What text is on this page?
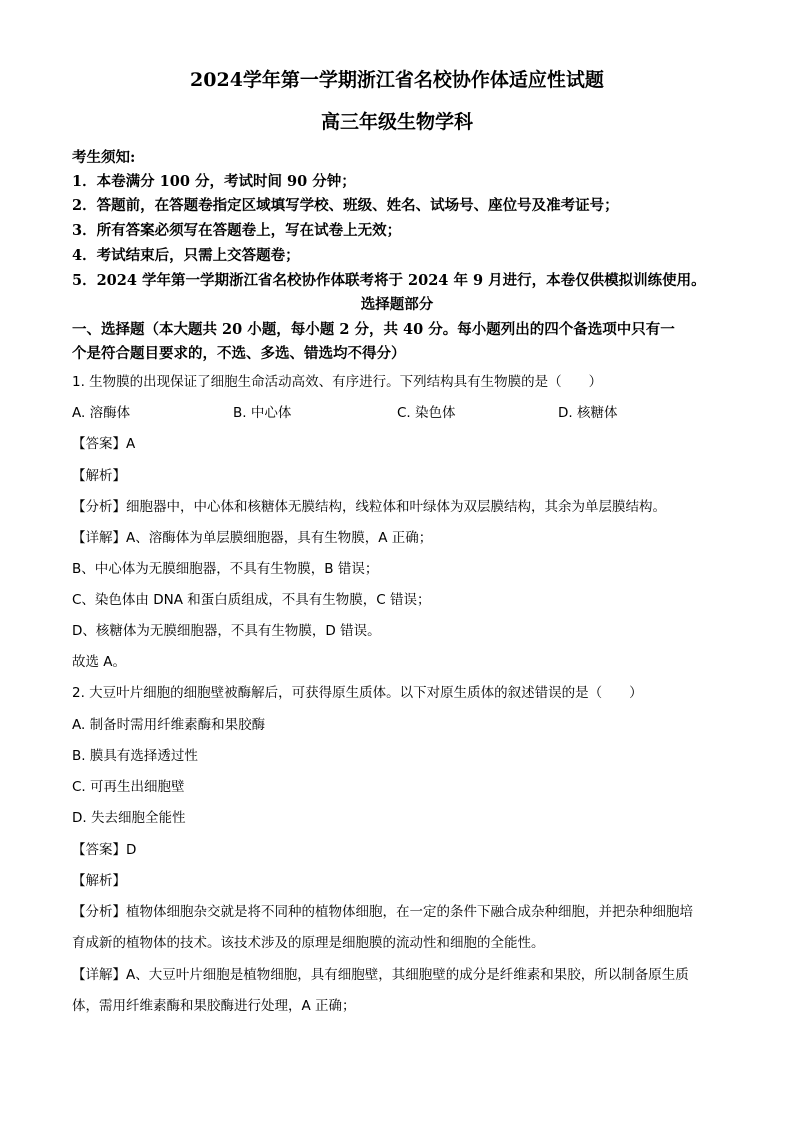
2024学年第一学期浙江省名校协作体适应性试题
高三年级生物学科
考生须知:
1．本卷满分 100 分，考试时间 90 分钟；
2．答题前，在答题卷指定区域填写学校、班级、姓名、试场号、座位号及准考证号；
3．所有答案必须写在答题卷上，写在试卷上无效；
4．考试结束后，只需上交答题卷；
5．2024 学年第一学期浙江省名校协作体联考将于 2024 年 9 月进行，本卷仅供模拟训练使用。
选择题部分
一、选择题（本大题共 20 小题，每小题 2 分，共 40 分。每小题列出的四个备选项中只有一
个是符合题目要求的，不选、多选、错选均不得分）
1. 生物膜的出现保证了细胞生命活动高效、有序进行。下列结构具有生物膜的是（　　）
A. 溶酶体	B. 中心体	C. 染色体	D. 核糖体
【答案】A
【解析】
【分析】细胞器中，中心体和核糖体无膜结构，线粒体和叶绿体为双层膜结构，其余为单层膜结构。
【详解】A、溶酶体为单层膜细胞器，具有生物膜，A 正确；
B、中心体为无膜细胞器，不具有生物膜，B 错误；
C、染色体由 DNA 和蛋白质组成，不具有生物膜，C 错误；
D、核糖体为无膜细胞器，不具有生物膜，D 错误。
故选 A。
2. 大豆叶片细胞的细胞壁被酶解后，可获得原生质体。以下对原生质体的叙述错误的是（　　）
A. 制备时需用纤维素酶和果胶酶
B. 膜具有选择透过性
C. 可再生出细胞壁
D. 失去细胞全能性
【答案】D
【解析】
【分析】植物体细胞杂交就是将不同种的植物体细胞，在一定的条件下融合成杂种细胞，并把杂种细胞培
育成新的植物体的技术。该技术涉及的原理是细胞膜的流动性和细胞的全能性。
【详解】A、大豆叶片细胞是植物细胞，具有细胞壁，其细胞壁的成分是纤维素和果胶，所以制备原生质
体，需用纤维素酶和果胶酶进行处理，A 正确；
